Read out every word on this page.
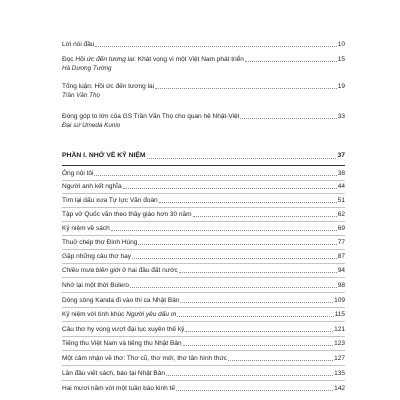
Lời nói đầu	10
Đọc Hồi ức đến tương lai: Khát vọng vì một Việt Nam phát triển	15
Hà Dương Tường
Tổng luận: Hồi ức đến tương lai	19
Trần Văn Thọ
Đóng góp to lớn của GS Trần Văn Thọ cho quan hệ Nhật-Việt	33
Đại sứ Umeda Kunio
PHẦN I. NHỚ VỀ KỶ NIỆM	37
Ông nội tôi	38
Người anh kết nghĩa	44
Tìm lại dấu xưa Tự lực Văn đoàn	51
Tập vở Quốc văn theo thầy giáo hơn 30 năm	62
Kỷ niệm về sách	69
Thuở chép thơ Đinh Hùng	77
Gặp những câu thơ hay	87
Chiều mưa biên giới ở hai đầu đất nước	94
Nhớ lại một thời Bolero	98
Dòng sông Kanda đi vào thi ca Nhật Bản	109
Kỷ niệm với tình khúc Người yêu dấu ơi	115
Câu thơ hy vọng vượt đại lục xuyên thế kỷ	121
Tiếng thu Việt Nam và tiếng thu Nhật Bản	123
Một cảm nhận về thơ: Thơ cũ, thơ mới, thơ tân hình thức	127
Lần đầu viết sách, báo tại Nhật Bản	135
Hai mươi năm với một tuần báo kinh tế	142
